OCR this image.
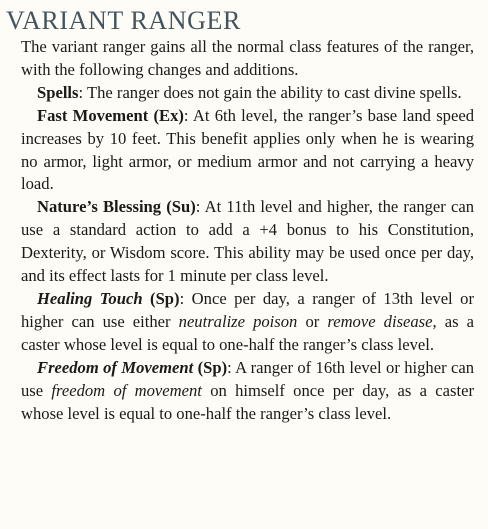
VARIANT RANGER

The variant ranger gains all the normal class features of the ranger, with the following changes and additions.

Spells: The ranger does not gain the ability to cast divine spells.

Fast Movement (Ex): At 6th level, the ranger’s base land speed increases by 10 feet. This benefit applies only when he is wearing no armor, light armor, or medium armor and not carrying a heavy load.

Nature’s Blessing (Su): At 11th level and higher, the ranger can use a standard action to add a +4 bonus to his Constitution, Dexterity, or Wisdom score. This ability may be used once per day, and its effect lasts for 1 minute per class level.

Healing Touch (Sp): Once per day, a ranger of 13th level or higher can use either neutralize poison or remove disease, as a caster whose level is equal to one-half the ranger’s class level.

Freedom of Movement (Sp): A ranger of 16th level or higher can use freedom of movement on himself once per day, as a caster whose level is equal to one-half the ranger’s class level.
